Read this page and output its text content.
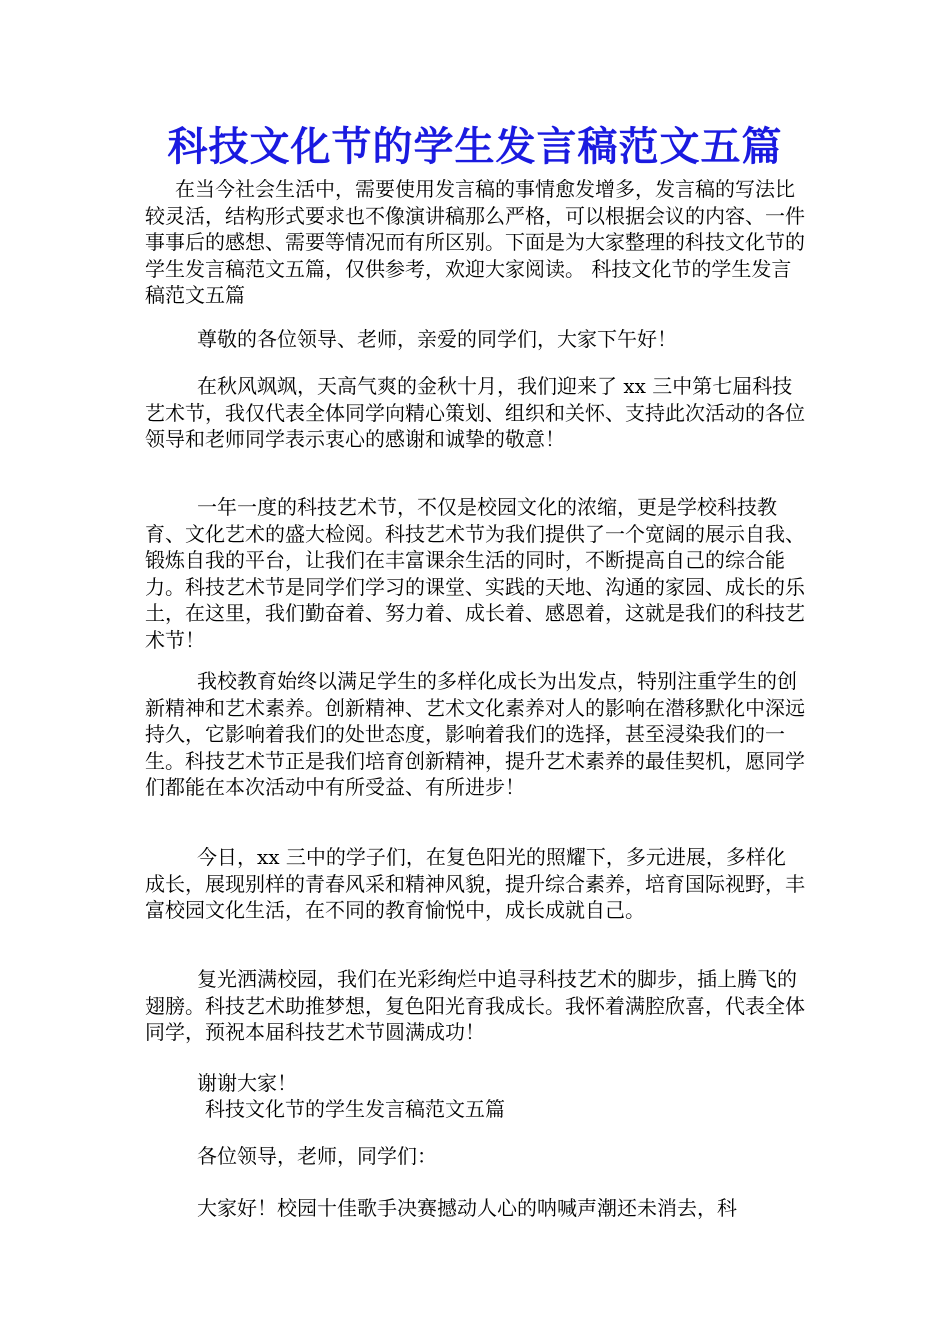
科技文化节的学生发言稿范文五篇

在当今社会生活中，需要使用发言稿的事情愈发增多，发言稿的写法比较灵活，结构形式要求也不像演讲稿那么严格，可以根据会议的内容、一件事事后的感想、需要等情况而有所区别。下面是为大家整理的科技文化节的学生发言稿范文五篇，仅供参考，欢迎大家阅读。 科技文化节的学生发言稿范文五篇

尊敬的各位领导、老师，亲爱的同学们，大家下午好！

在秋风飒飒，天高气爽的金秋十月，我们迎来了 xx 三中第七届科技艺术节，我仅代表全体同学向精心策划、组织和关怀、支持此次活动的各位领导和老师同学表示衷心的感谢和诚挚的敬意！

一年一度的科技艺术节，不仅是校园文化的浓缩，更是学校科技教育、文化艺术的盛大检阅。科技艺术节为我们提供了一个宽阔的展示自我、锻炼自我的平台，让我们在丰富课余生活的同时，不断提高自己的综合能力。科技艺术节是同学们学习的课堂、实践的天地、沟通的家园、成长的乐土，在这里，我们勤奋着、努力着、成长着、感恩着，这就是我们的科技艺术节！

我校教育始终以满足学生的多样化成长为出发点，特别注重学生的创新精神和艺术素养。创新精神、艺术文化素养对人的影响在潜移默化中深远持久，它影响着我们的处世态度，影响着我们的选择，甚至浸染我们的一生。科技艺术节正是我们培育创新精神，提升艺术素养的最佳契机，愿同学们都能在本次活动中有所受益、有所进步！

今日，xx 三中的学子们，在复色阳光的照耀下，多元进展，多样化成长，展现别样的青春风采和精神风貌，提升综合素养，培育国际视野，丰富校园文化生活，在不同的教育愉悦中，成长成就自己。

复光洒满校园，我们在光彩绚烂中追寻科技艺术的脚步，插上腾飞的翅膀。科技艺术助推梦想，复色阳光育我成长。我怀着满腔欣喜，代表全体同学，预祝本届科技艺术节圆满成功！

谢谢大家！

科技文化节的学生发言稿范文五篇

各位领导，老师，同学们：

大家好！校园十佳歌手决赛撼动人心的呐喊声潮还未消去，科
